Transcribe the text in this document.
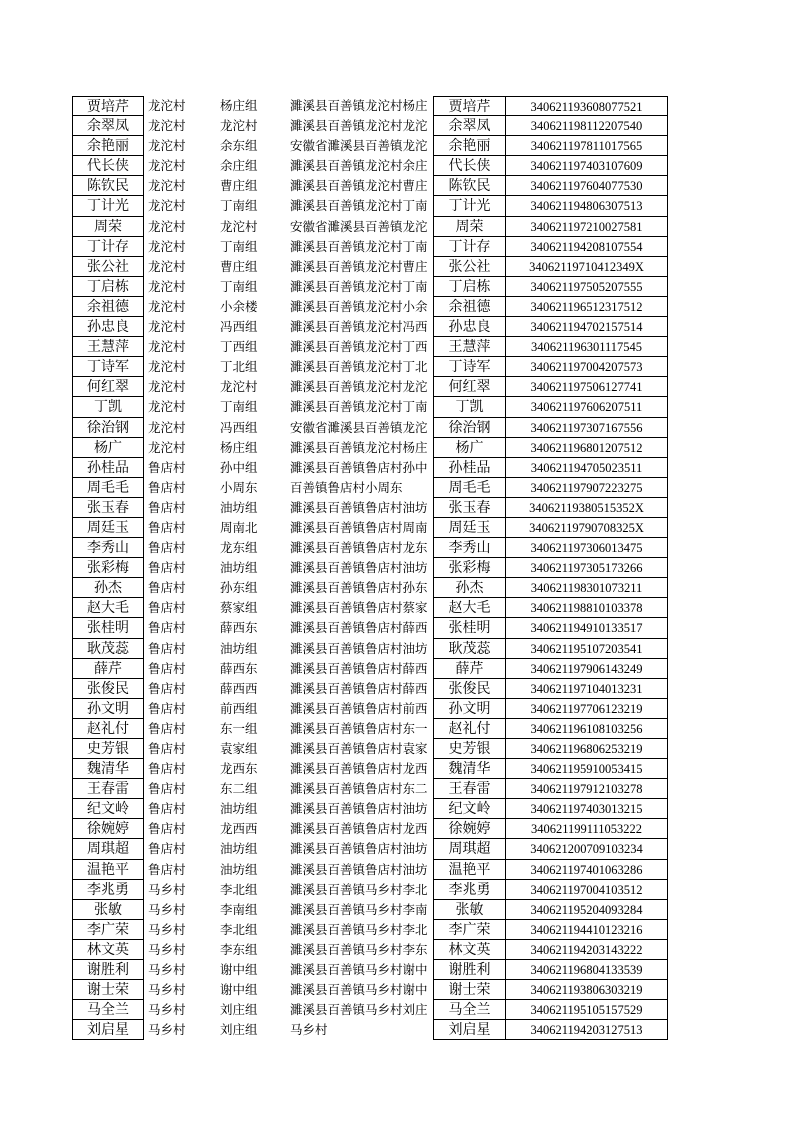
贾培芹	龙沱村	杨庄组	濉溪县百善镇龙沱村杨庄	贾培芹	340621193608077521
余翠凤	龙沱村	龙沱村	濉溪县百善镇龙沱村龙沱	余翠凤	340621198112207540
余艳丽	龙沱村	余东组	安徽省濉溪县百善镇龙沱	余艳丽	340621197811017565
代长侠	龙沱村	余庄组	濉溪县百善镇龙沱村余庄	代长侠	340621197403107609
陈钦民	龙沱村	曹庄组	濉溪县百善镇龙沱村曹庄	陈钦民	340621197604077530
丁计光	龙沱村	丁南组	濉溪县百善镇龙沱村丁南	丁计光	340621194806307513
周荣	龙沱村	龙沱村	安徽省濉溪县百善镇龙沱	周荣	340621197210027581
丁计存	龙沱村	丁南组	濉溪县百善镇龙沱村丁南	丁计存	340621194208107554
张公社	龙沱村	曹庄组	濉溪县百善镇龙沱村曹庄	张公社	34062119710412349X
丁启栋	龙沱村	丁南组	濉溪县百善镇龙沱村丁南	丁启栋	340621197505207555
余祖德	龙沱村	小余楼	濉溪县百善镇龙沱村小余	余祖德	340621196512317512
孙忠良	龙沱村	冯西组	濉溪县百善镇龙沱村冯西	孙忠良	340621194702157514
王慧萍	龙沱村	丁西组	濉溪县百善镇龙沱村丁西	王慧萍	340621196301117545
丁诗军	龙沱村	丁北组	濉溪县百善镇龙沱村丁北	丁诗军	340621197004207573
何红翠	龙沱村	龙沱村	濉溪县百善镇龙沱村龙沱	何红翠	340621197506127741
丁凯	龙沱村	丁南组	濉溪县百善镇龙沱村丁南	丁凯	340621197606207511
徐治钢	龙沱村	冯西组	安徽省濉溪县百善镇龙沱	徐治钢	340621197307167556
杨广	龙沱村	杨庄组	濉溪县百善镇龙沱村杨庄	杨广	340621196801207512
孙桂品	鲁店村	孙中组	濉溪县百善镇鲁店村孙中	孙桂品	340621194705023511
周毛毛	鲁店村	小周东	百善镇鲁店村小周东	周毛毛	340621197907223275
张玉春	鲁店村	油坊组	濉溪县百善镇鲁店村油坊	张玉春	34062119380515352X
周廷玉	鲁店村	周南北	濉溪县百善镇鲁店村周南	周廷玉	34062119790708325X
李秀山	鲁店村	龙东组	濉溪县百善镇鲁店村龙东	李秀山	340621197306013475
张彩梅	鲁店村	油坊组	濉溪县百善镇鲁店村油坊	张彩梅	340621197305173266
孙杰	鲁店村	孙东组	濉溪县百善镇鲁店村孙东	孙杰	340621198301073211
赵大毛	鲁店村	蔡家组	濉溪县百善镇鲁店村蔡家	赵大毛	340621198810103378
张桂明	鲁店村	薛西东	濉溪县百善镇鲁店村薛西	张桂明	340621194910133517
耿茂蕊	鲁店村	油坊组	濉溪县百善镇鲁店村油坊	耿茂蕊	340621195107203541
薛芹	鲁店村	薛西东	濉溪县百善镇鲁店村薛西	薛芹	340621197906143249
张俊民	鲁店村	薛西西	濉溪县百善镇鲁店村薛西	张俊民	340621197104013231
孙文明	鲁店村	前西组	濉溪县百善镇鲁店村前西	孙文明	340621197706123219
赵礼付	鲁店村	东一组	濉溪县百善镇鲁店村东一	赵礼付	340621196108103256
史芳银	鲁店村	袁家组	濉溪县百善镇鲁店村袁家	史芳银	340621196806253219
魏清华	鲁店村	龙西东	濉溪县百善镇鲁店村龙西	魏清华	340621195910053415
王春雷	鲁店村	东二组	濉溪县百善镇鲁店村东二	王春雷	340621197912103278
纪文岭	鲁店村	油坊组	濉溪县百善镇鲁店村油坊	纪文岭	340621197403013215
徐婉婷	鲁店村	龙西西	濉溪县百善镇鲁店村龙西	徐婉婷	340621199111053222
周琪超	鲁店村	油坊组	濉溪县百善镇鲁店村油坊	周琪超	340621200709103234
温艳平	鲁店村	油坊组	濉溪县百善镇鲁店村油坊	温艳平	340621197401063286
李兆勇	马乡村	李北组	濉溪县百善镇马乡村李北	李兆勇	340621197004103512
张敏	马乡村	李南组	濉溪县百善镇马乡村李南	张敏	340621195204093284
李广荣	马乡村	李北组	濉溪县百善镇马乡村李北	李广荣	340621194410123216
林文英	马乡村	李东组	濉溪县百善镇马乡村李东	林文英	340621194203143222
谢胜利	马乡村	谢中组	濉溪县百善镇马乡村谢中	谢胜利	340621196804133539
谢士荣	马乡村	谢中组	濉溪县百善镇马乡村谢中	谢士荣	340621193806303219
马全兰	马乡村	刘庄组	濉溪县百善镇马乡村刘庄	马全兰	340621195105157529
刘启星	马乡村	刘庄组	马乡村	刘启星	340621194203127513
